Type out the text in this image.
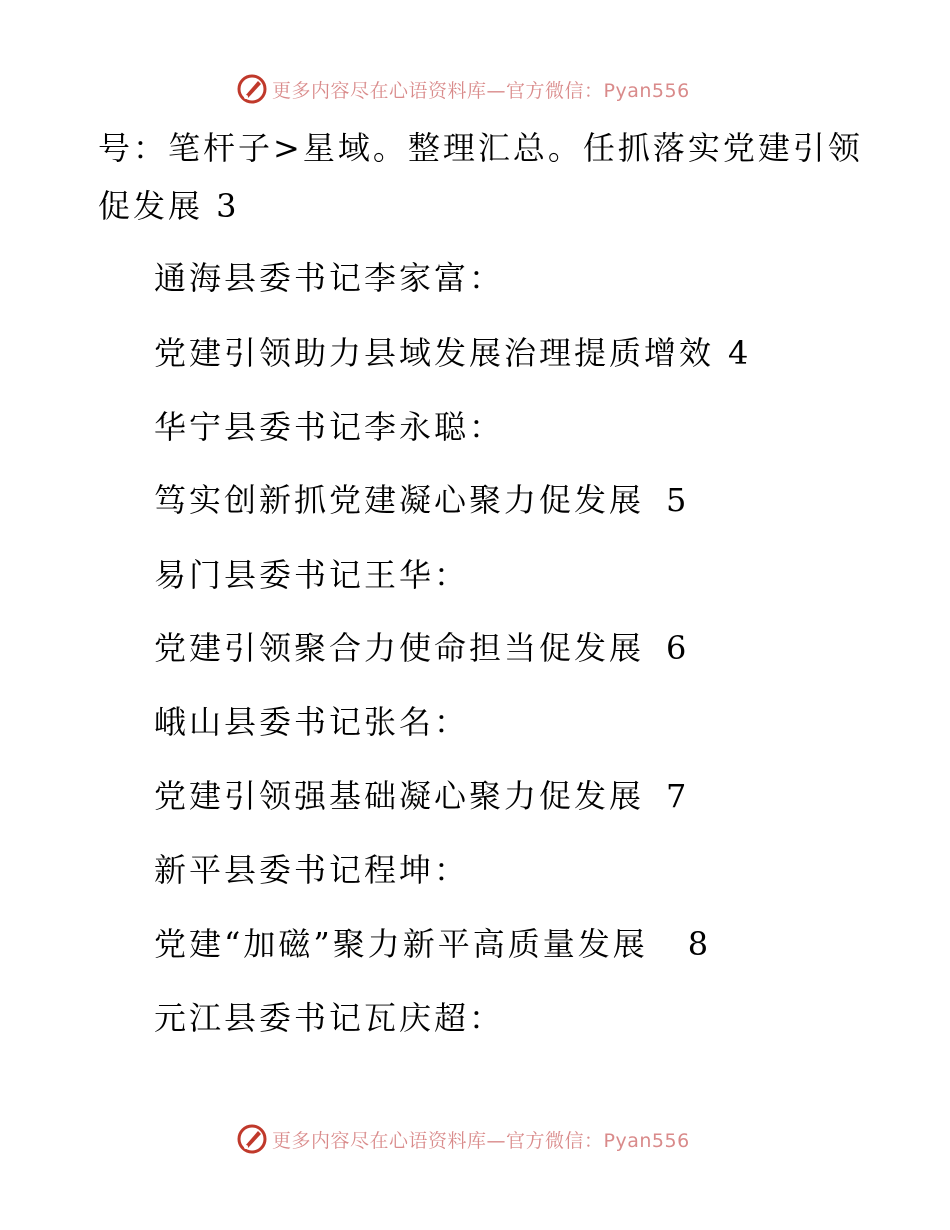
更多内容尽在心语资料库—官方微信：Pyan556
号：笔杆子>星域。整理汇总。任抓落实党建引领
促发展 3
通海县委书记李家富：
党建引领助力县域发展治理提质增效 4
华宁县委书记李永聪：
笃实创新抓党建凝心聚力促发展 5
易门县委书记王华：
党建引领聚合力使命担当促发展 6
峨山县委书记张名：
党建引领强基础凝心聚力促发展 7
新平县委书记程坤：
党建“加磁”聚力新平高质量发展 8
元江县委书记瓦庆超：
更多内容尽在心语资料库—官方微信：Pyan556
